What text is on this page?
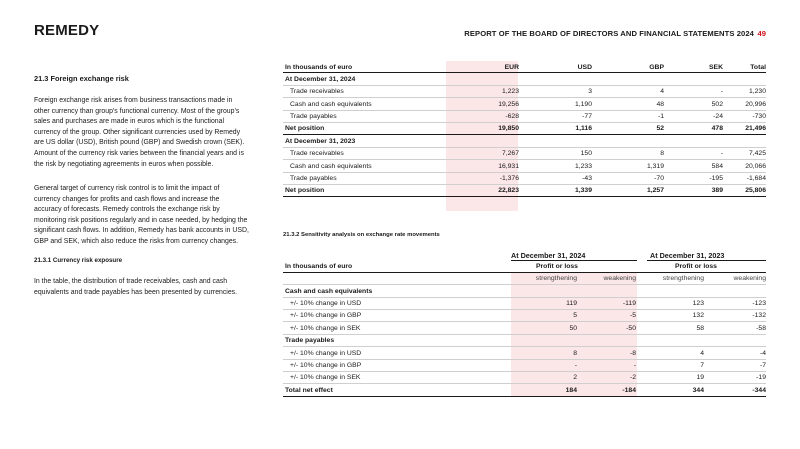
REMEDY	REPORT OF THE BOARD OF DIRECTORS AND FINANCIAL STATEMENTS 2024 49
21.3 Foreign exchange risk
Foreign exchange risk arises from business transactions made in
other currency than group’s functional currency. Most of the group’s
sales and purchases are made in euros which is the functional
currency of the group. Other significant currencies used by Remedy
are US dollar (USD), British pound (GBP) and Swedish crown (SEK).
Amount of the currency risk varies between the financial years and is
the risk by negotiating agreements in euros when possible.
General target of currency risk control is to limit the impact of
currency changes for profits and cash flows and increase the
accuracy of forecasts. Remedy controls the exchange risk by
monitoring risk positions regularly and in case needed, by hedging the
significant cash flows. In addition, Remedy has bank accounts in USD,
GBP and SEK, which also reduce the risks from currency changes.
21.3.1 Currency risk exposure
In the table, the distribution of trade receivables, cash and cash
equivalents and trade payables has been presented by currencies.
In thousands of euro	EUR	USD	GBP	SEK	Total
At December 31, 2024
Trade receivables	1,223	3	4	-	1,230
Cash and cash equivalents	19,256	1,190	48	502	20,996
Trade payables	-628	-77	-1	-24	-730
Net position	19,850	1,116	52	478	21,496
At December 31, 2023
Trade receivables	7,267	150	8	-	7,425
Cash and cash equivalents	16,931	1,233	1,319	584	20,066
Trade payables	-1,376	-43	-70	-195	-1,684
Net position	22,823	1,339	1,257	389	25,806
21.3.2 Sensitivity analysis on exchange rate movements
At December 31, 2024	At December 31, 2023
In thousands of euro	Profit or loss	Profit or loss
strengthening	weakening	strengthening	weakening
Cash and cash equivalents
+/- 10% change in USD	119	-119	123	-123
+/- 10% change in GBP	5	-5	132	-132
+/- 10% change in SEK	50	-50	58	-58
Trade payables
+/- 10% change in USD	8	-8	4	-4
+/- 10% change in GBP	-	-	7	-7
+/- 10% change in SEK	2	-2	19	-19
Total net effect	184	-184	344	-344
